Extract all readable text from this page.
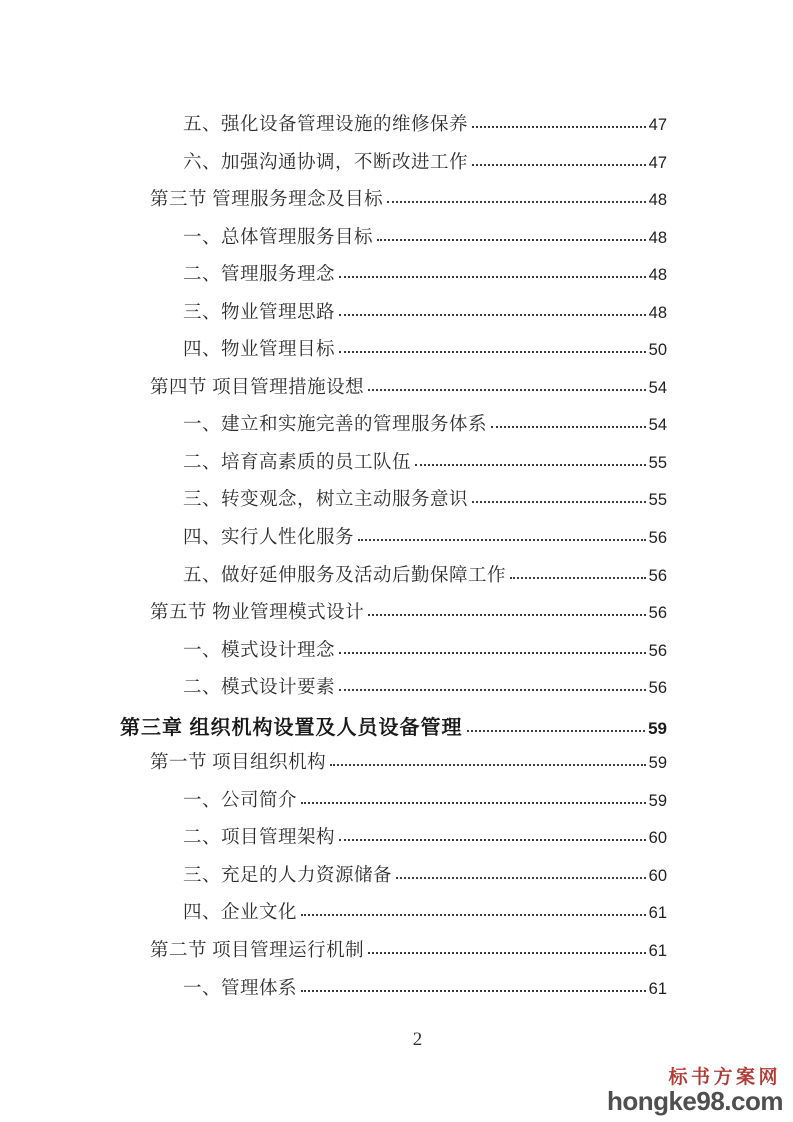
五、强化设备管理设施的维修保养	47
六、加强沟通协调，不断改进工作	47
第三节 管理服务理念及目标	48
一、总体管理服务目标	48
二、管理服务理念	48
三、物业管理思路	48
四、物业管理目标	50
第四节 项目管理措施设想	54
一、建立和实施完善的管理服务体系	54
二、培育高素质的员工队伍	55
三、转变观念，树立主动服务意识	55
四、实行人性化服务	56
五、做好延伸服务及活动后勤保障工作	56
第五节 物业管理模式设计	56
一、模式设计理念	56
二、模式设计要素	56
第三章 组织机构设置及人员设备管理	59
第一节 项目组织机构	59
一、公司简介	59
二、项目管理架构	60
三、充足的人力资源储备	60
四、企业文化	61
第二节 项目管理运行机制	61
一、管理体系	61
2
标书方案网
hongke98.com
